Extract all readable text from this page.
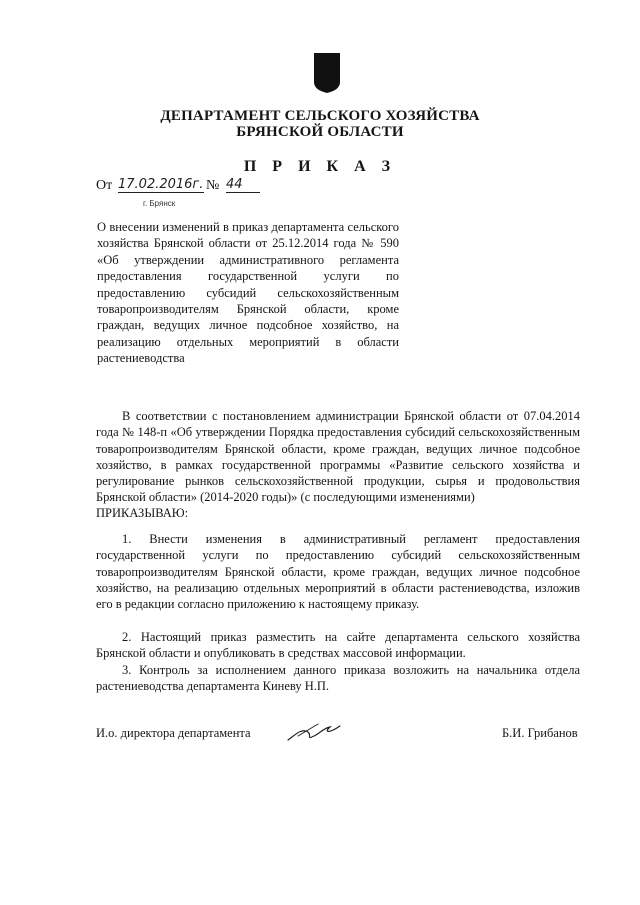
ДЕПАРТАМЕНТ СЕЛЬСКОГО ХОЗЯЙСТВА
БРЯНСКОЙ ОБЛАСТИ
П Р И К А З
От 17.02.2016г. № 44
г. Брянск
О внесении изменений в приказ департамента сельского хозяйства Брянской области от 25.12.2014 года № 590 «Об утверждении административного регламента предоставления государственной услуги по предоставлению субсидий сельскохозяйственным товаропроизводителям Брянской области, кроме граждан, ведущих личное подсобное хозяйство, на реализацию отдельных мероприятий в области растениеводства
В соответствии с постановлением администрации Брянской области от 07.04.2014 года № 148-п «Об утверждении Порядка предоставления субсидий сельскохозяйственным товаропроизводителям Брянской области, кроме граждан, ведущих личное подсобное хозяйство, в рамках государственной программы «Развитие сельского хозяйства и регулирование рынков сельскохозяйственной продукции, сырья и продовольствия Брянской области» (2014-2020 годы)» (с последующими изменениями)
ПРИКАЗЫВАЮ:
1. Внести изменения в административный регламент предоставления государственной услуги по предоставлению субсидий сельскохозяйственным товаропроизводителям Брянской области, кроме граждан, ведущих личное подсобное хозяйство, на реализацию отдельных мероприятий в области растениеводства, изложив его в редакции согласно приложению к настоящему приказу.
2. Настоящий приказ разместить на сайте департамента сельского хозяйства Брянской области и опубликовать в средствах массовой информации.
3. Контроль за исполнением данного приказа возложить на начальника отдела растениеводства департамента Киневу Н.П.
И.о. директора департамента	Б.И. Грибанов
